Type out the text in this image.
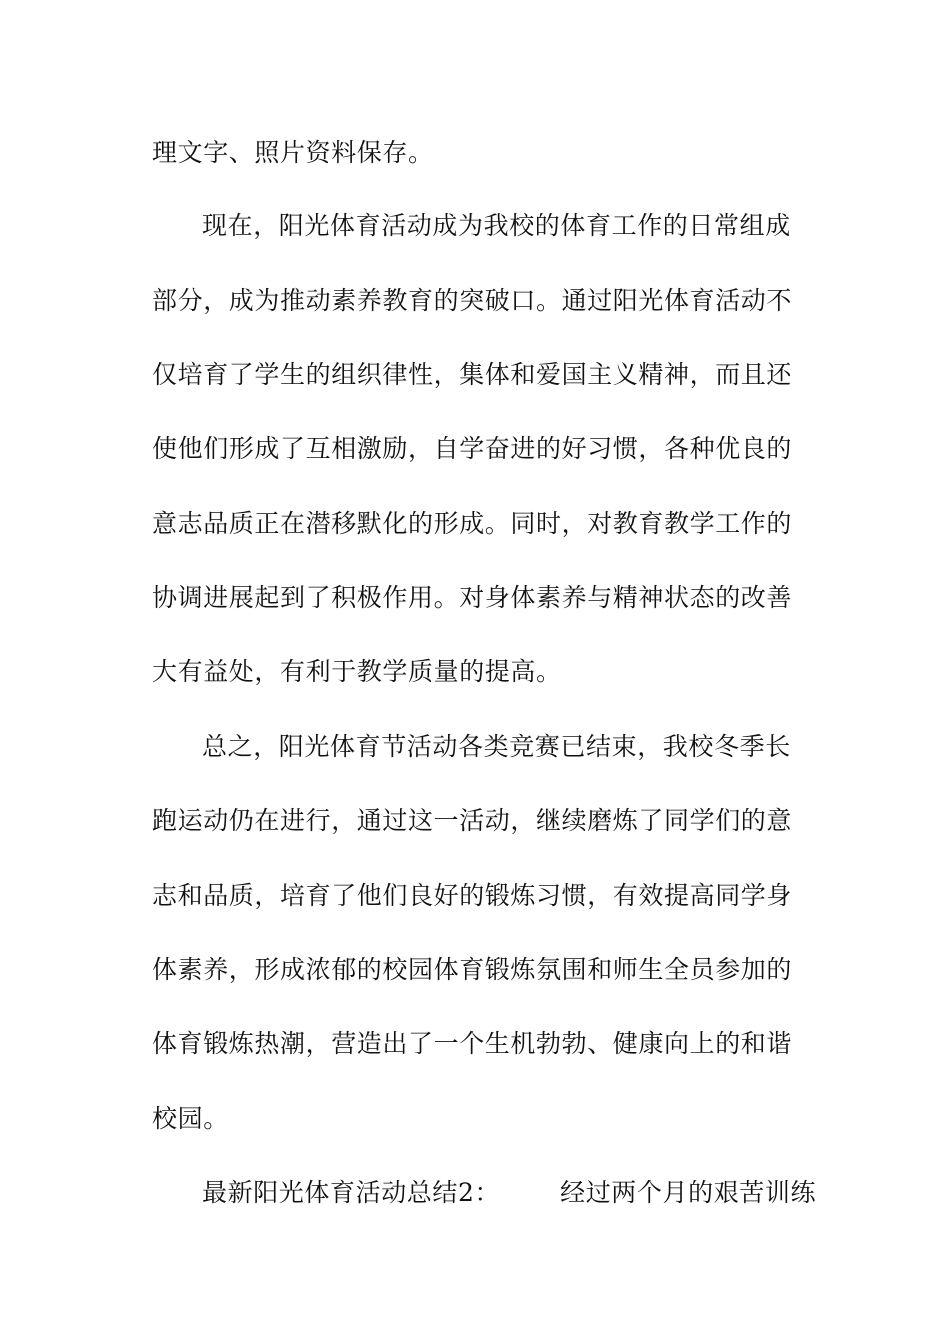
理文字、照片资料保存。
现在，阳光体育活动成为我校的体育工作的日常组成
部分，成为推动素养教育的突破口。通过阳光体育活动不
仅培育了学生的组织律性，集体和爱国主义精神，而且还
使他们形成了互相激励，自学奋进的好习惯，各种优良的
意志品质正在潜移默化的形成。同时，对教育教学工作的
协调进展起到了积极作用。对身体素养与精神状态的改善
大有益处，有利于教学质量的提高。
总之，阳光体育节活动各类竞赛已结束，我校冬季长
跑运动仍在进行，通过这一活动，继续磨炼了同学们的意
志和品质，培育了他们良好的锻炼习惯，有效提高同学身
体素养，形成浓郁的校园体育锻炼氛围和师生全员参加的
体育锻炼热潮，营造出了一个生机勃勃、健康向上的和谐
校园。
最新阳光体育活动总结2： 经过两个月的艰苦训练
